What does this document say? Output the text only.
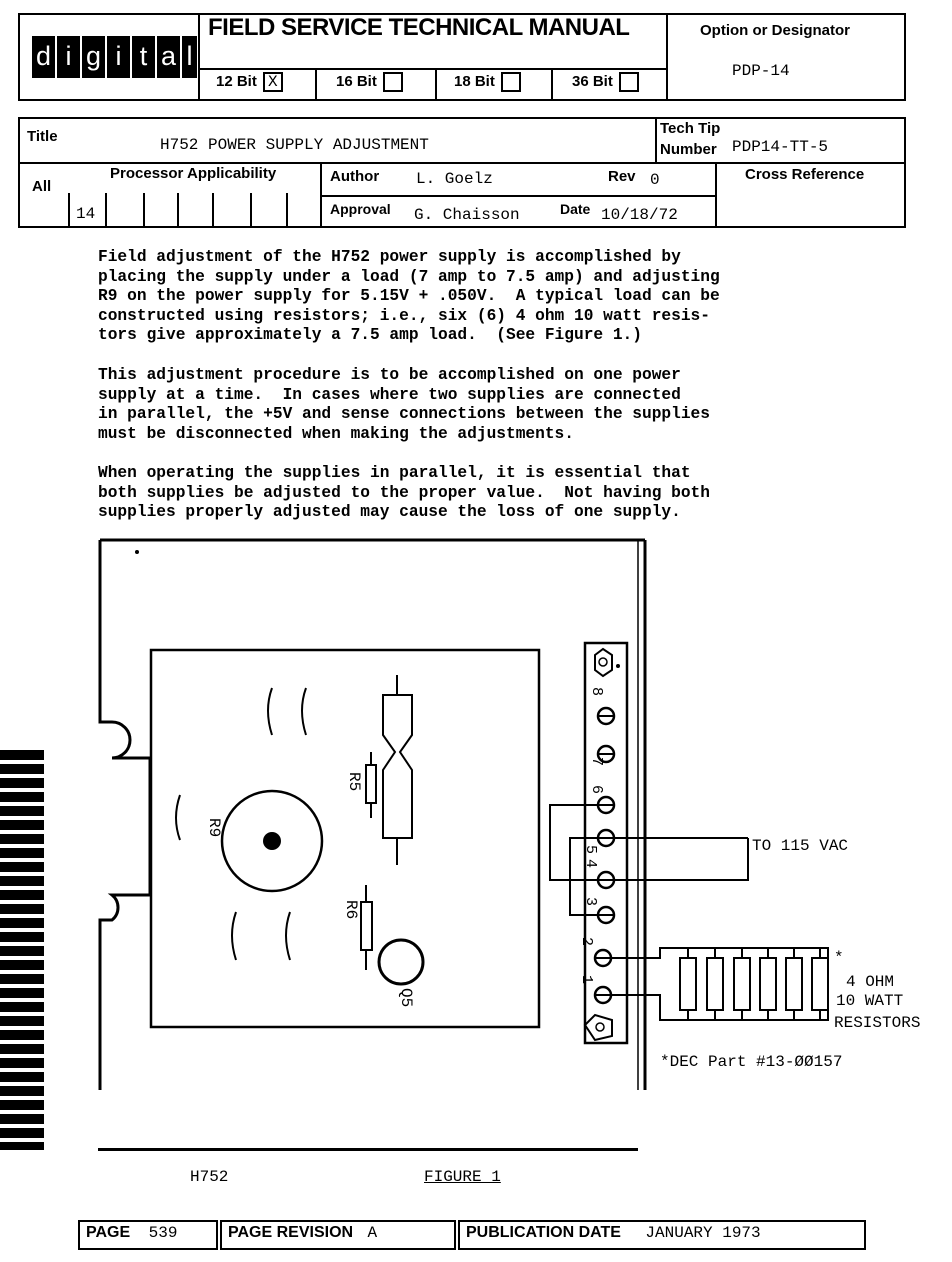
d i g i t a l
FIELD SERVICE TECHNICAL MANUAL
12 Bit X	16 Bit	18 Bit	36 Bit
Option or Designator
PDP-14
Title	H752 POWER SUPPLY ADJUSTMENT
Tech Tip
Number PDP14-TT-5
All
Processor Applicability
14
Author L. Goelz	Rev 0
Approval G. Chaisson	Date 10/18/72
Cross Reference
Field adjustment of the H752 power supply is accomplished by
placing the supply under a load (7 amp to 7.5 amp) and adjusting
R9 on the power supply for 5.15V + .050V.  A typical load can be
constructed using resistors; i.e., six (6) 4 ohm 10 watt resis-
tors give approximately a 7.5 amp load.  (See Figure 1.)
This adjustment procedure is to be accomplished on one power
supply at a time.  In cases where two supplies are connected
in parallel, the +5V and sense connections between the supplies
must be disconnected when making the adjustments.
When operating the supplies in parallel, it is essential that
both supplies be adjusted to the proper value.  Not having both
supplies properly adjusted may cause the loss of one supply.
8
7
6
5
4
3
2
1
R5
R9
R6
Q5
TO 115 VAC
*
4 OHM
10 WATT
RESISTORS
*DEC Part #13-ØØ157
H752	FIGURE 1
PAGE 539	PAGE REVISION A	PUBLICATION DATE JANUARY 1973
